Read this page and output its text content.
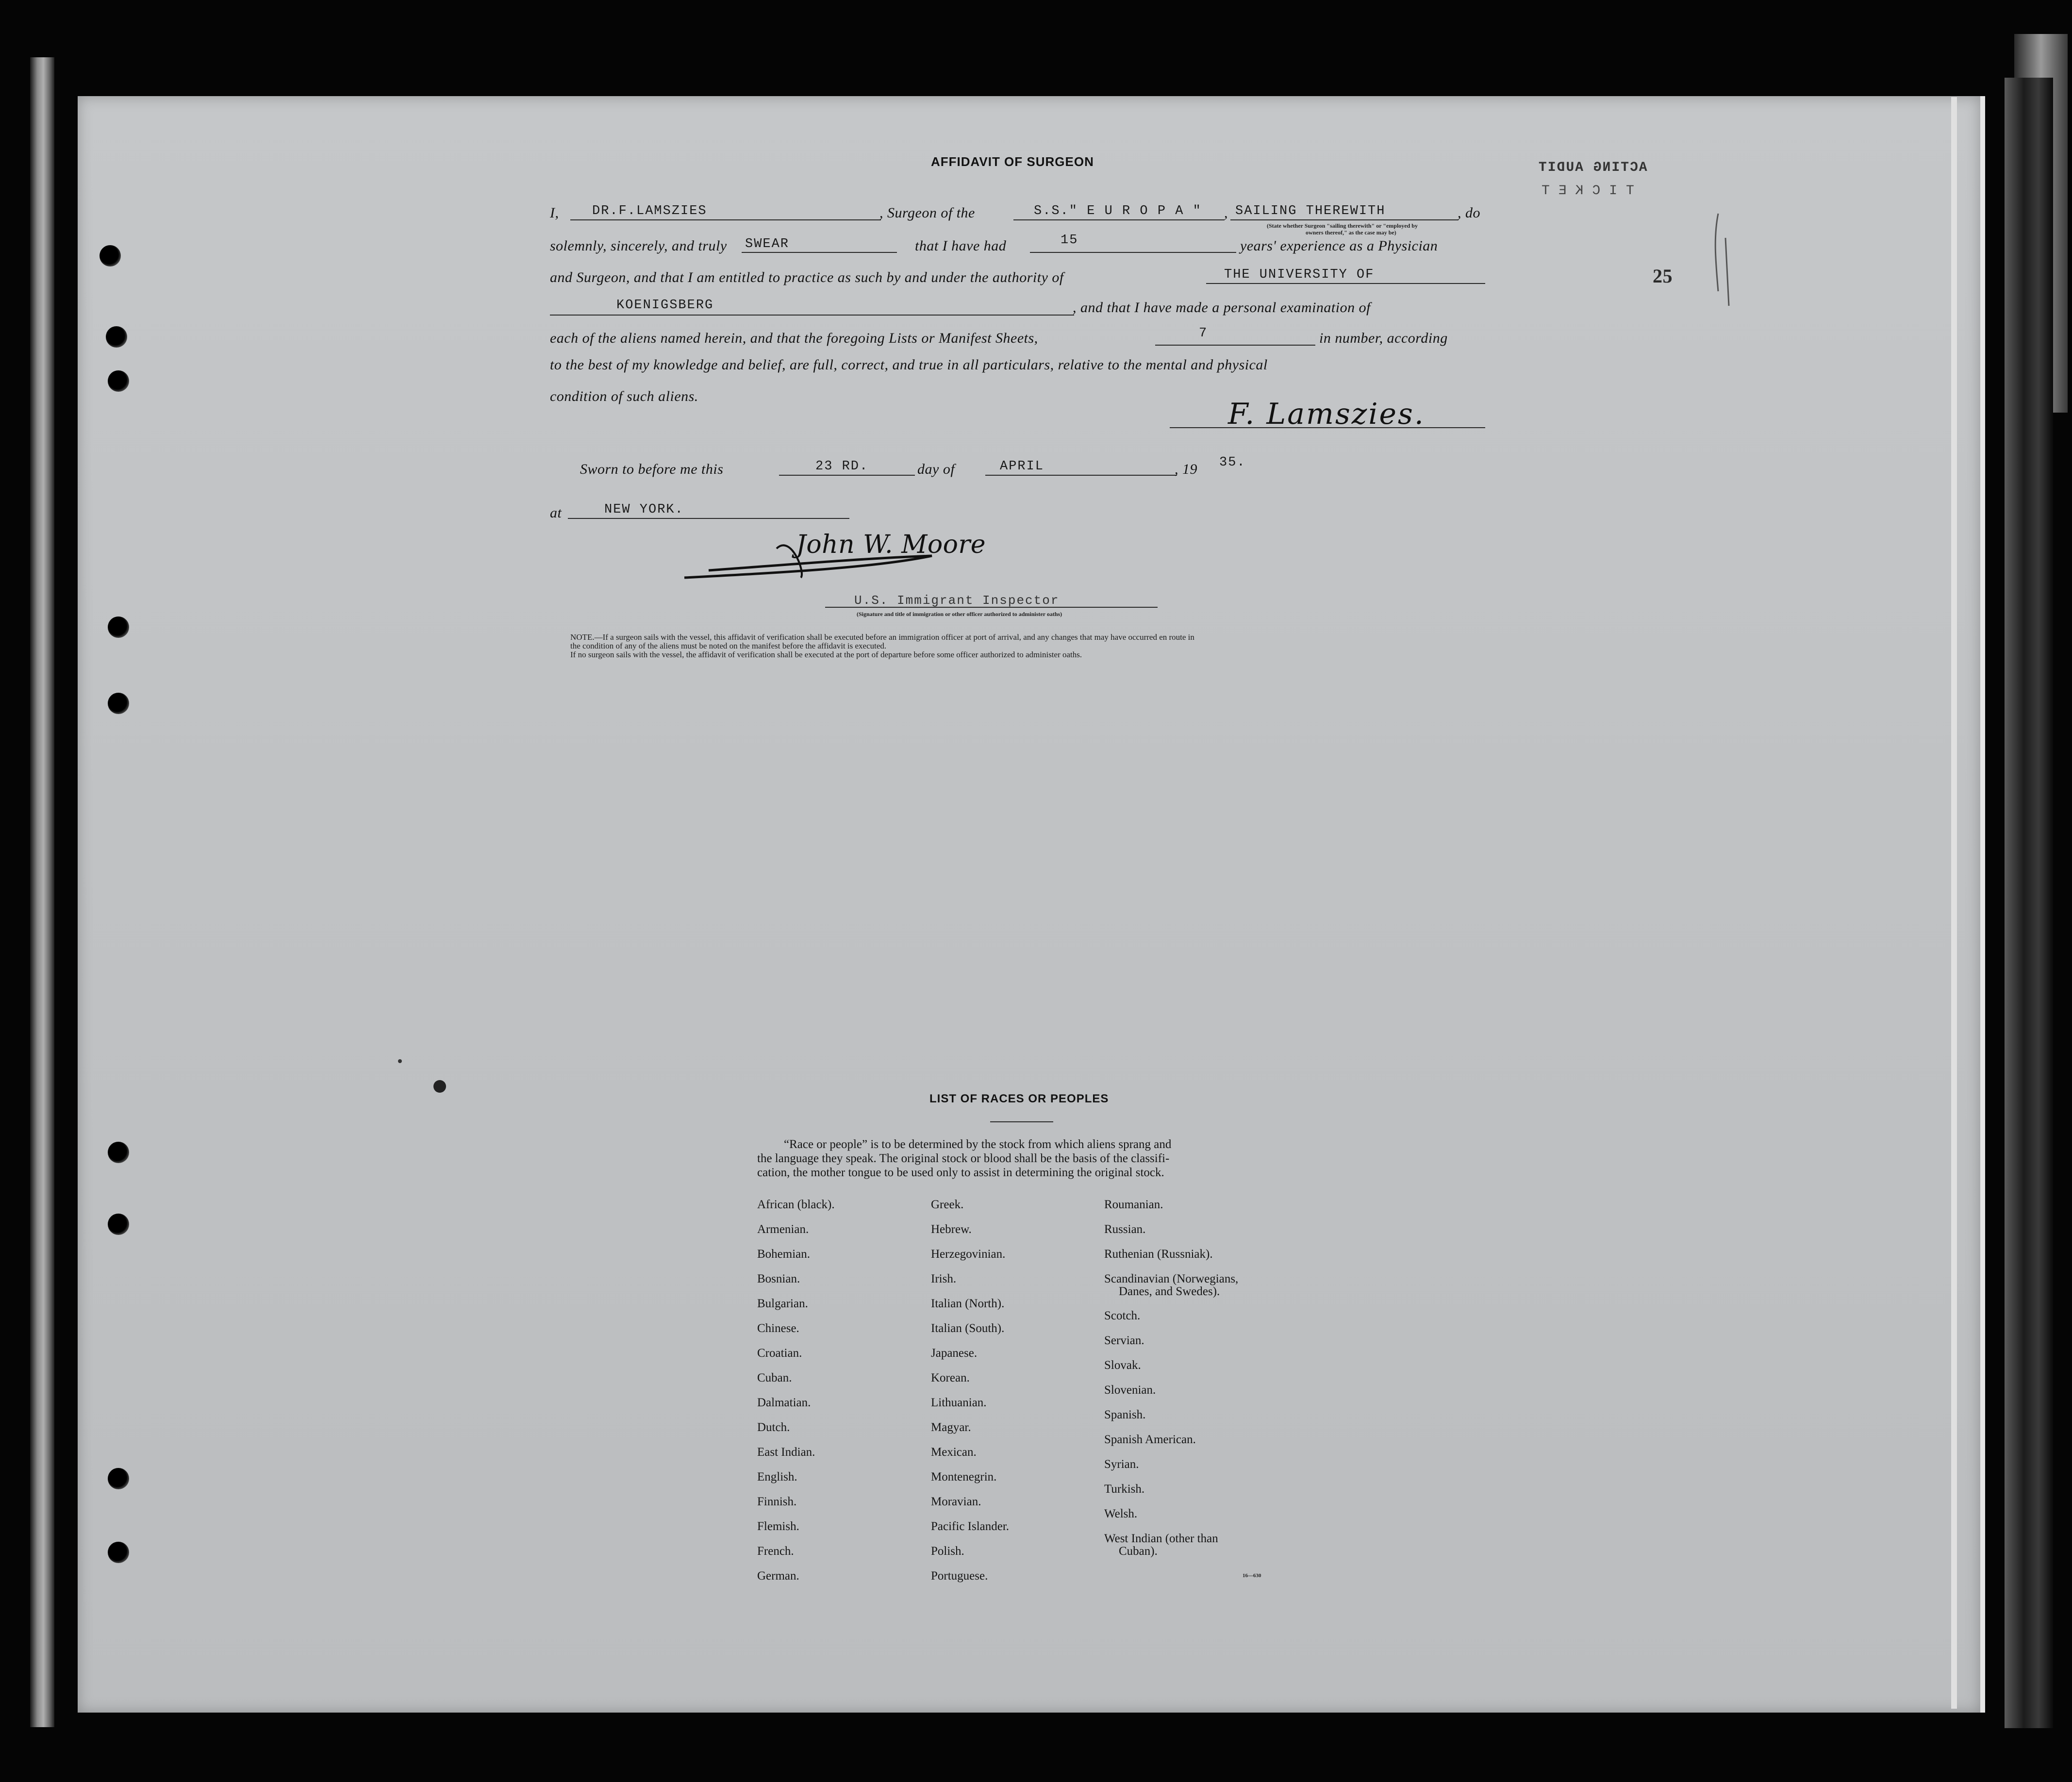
ACTING AUDIT
TICKET
25
AFFIDAVIT OF SURGEON
I,	DR.F.LAMSZIES	, Surgeon of the	S.S." E U R O P A " , SAILING THEREWITH	, do
(State whether Surgeon "sailing therewith" or "employed by
owners thereof," as the case may be)
solemnly, sincerely, and truly SWEAR	that I have had	15	years' experience as a Physician
and Surgeon, and that I am entitled to practice as such by and under the authority of	THE UNIVERSITY OF
KOENIGSBERG	, and that I have made a personal examination of
each of the aliens named herein, and that the foregoing Lists or Manifest Sheets,	7	in number, according
to the best of my knowledge and belief, are full, correct, and true in all particulars, relative to the mental and physical
condition of such aliens.
F. Lamszies.
Sworn to before me this	23 RD.	day of	APRIL	, 19 35.
at	NEW YORK.
John W. Moore
U.S. Immigrant Inspector
(Signature and title of immigration or other officer authorized to administer oaths)
NOTE.—If a surgeon sails with the vessel, this affidavit of verification shall be executed before an immigration officer at port of arrival, and any changes that may have occurred en route in
the condition of any of the aliens must be noted on the manifest before the affidavit is executed.
If no surgeon sails with the vessel, the affidavit of verification shall be executed at the port of departure before some officer authorized to administer oaths.
LIST OF RACES OR PEOPLES
“Race or people” is to be determined by the stock from which aliens sprang and
the language they speak. The original stock or blood shall be the basis of the classifi-
cation, the mother tongue to be used only to assist in determining the original stock.
African (black).
Armenian.
Bohemian.
Bosnian.
Bulgarian.
Chinese.
Croatian.
Cuban.
Dalmatian.
Dutch.
East Indian.
English.
Finnish.
Flemish.
French.
German.
Greek.
Hebrew.
Herzegovinian.
Irish.
Italian (North).
Italian (South).
Japanese.
Korean.
Lithuanian.
Magyar.
Mexican.
Montenegrin.
Moravian.
Pacific Islander.
Polish.
Portuguese.
Roumanian.
Russian.
Ruthenian (Russniak).
Scandinavian (Norwegians,
Danes, and Swedes).
Scotch.
Servian.
Slovak.
Slovenian.
Spanish.
Spanish American.
Syrian.
Turkish.
Welsh.
West Indian (other than
Cuban).
16—630
